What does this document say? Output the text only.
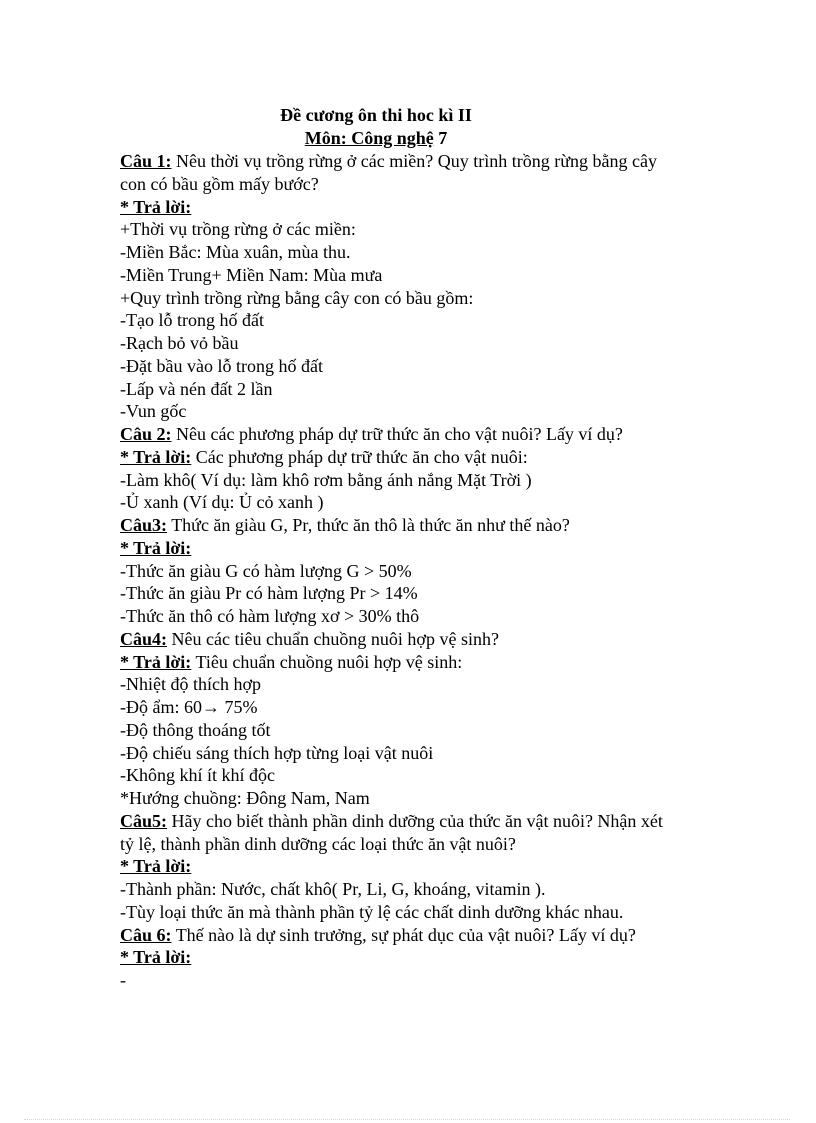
Đề cương ôn thi hoc kì II
Môn: Công nghệ 7
Câu 1: Nêu thời vụ trồng rừng ở các miền? Quy trình trồng rừng bằng cây
con có bầu gồm mấy bước?
* Trả lời:
+Thời vụ trồng rừng ở các miền:
-Miền Bắc: Mùa xuân, mùa thu.
-Miền Trung+ Miền Nam: Mùa mưa
+Quy trình trồng rừng bằng cây con có bầu gồm:
-Tạo lỗ trong hố đất
-Rạch bỏ vỏ bầu
-Đặt bầu vào lỗ trong hố đất
-Lấp và nén đất 2 lần
-Vun gốc
Câu 2: Nêu các phương pháp dự trữ thức ăn cho vật nuôi? Lấy ví dụ?
* Trả lời: Các phương pháp dự trữ thức ăn cho vật nuôi:
-Làm khô( Ví dụ: làm khô rơm bằng ánh nắng Mặt Trời )
-Ủ xanh (Ví dụ: Ủ cỏ xanh )
Câu3: Thức ăn giàu G, Pr, thức ăn thô là thức ăn như thế nào?
* Trả lời:
-Thức ăn giàu G có hàm lượng G > 50%
-Thức ăn giàu Pr có hàm lượng Pr > 14%
-Thức ăn thô có hàm lượng xơ > 30% thô
Câu4: Nêu các tiêu chuẩn chuồng nuôi hợp vệ sinh?
* Trả lời: Tiêu chuẩn chuồng nuôi hợp vệ sinh:
-Nhiệt độ thích hợp
-Độ ẩm: 60→ 75%
-Độ thông thoáng tốt
-Độ chiếu sáng thích hợp từng loại vật nuôi
-Không khí ít khí độc
*Hướng chuồng: Đông Nam, Nam
Câu5: Hãy cho biết thành phần dinh dưỡng của thức ăn vật nuôi? Nhận xét
tỷ lệ, thành phần dinh dưỡng các loại thức ăn vật nuôi?
* Trả lời:
-Thành phần: Nước, chất khô( Pr, Li, G, khoáng, vitamin ).
-Tùy loại thức ăn mà thành phần tỷ lệ các chất dinh dưỡng khác nhau.
Câu 6: Thế nào là dự sinh trưởng, sự phát dục của vật nuôi? Lấy ví dụ?
* Trả lời:
-
